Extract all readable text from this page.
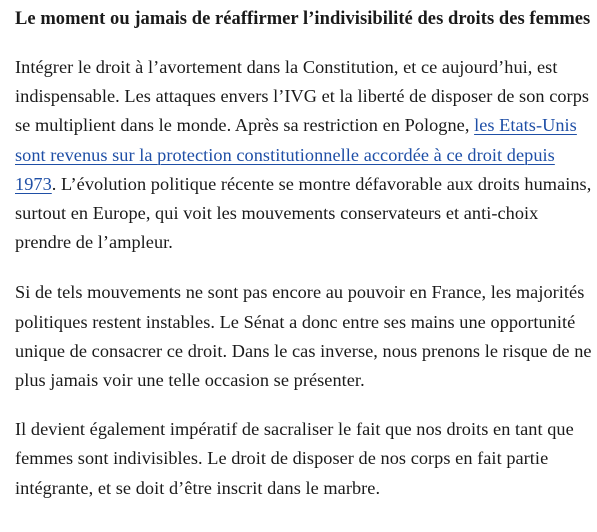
Le moment ou jamais de réaffirmer l’indivisibilité des droits des femmes

Intégrer le droit à l’avortement dans la Constitution, et ce aujourd’hui, est indispensable. Les attaques envers l’IVG et la liberté de disposer de son corps se multiplient dans le monde. Après sa restriction en Pologne, les Etats-Unis sont revenus sur la protection constitutionnelle accordée à ce droit depuis 1973. L’évolution politique récente se montre défavorable aux droits humains, surtout en Europe, qui voit les mouvements conservateurs et anti-choix prendre de l’ampleur.

Si de tels mouvements ne sont pas encore au pouvoir en France, les majorités politiques restent instables. Le Sénat a donc entre ses mains une opportunité unique de consacrer ce droit. Dans le cas inverse, nous prenons le risque de ne plus jamais voir une telle occasion se présenter.

Il devient également impératif de sacraliser le fait que nos droits en tant que femmes sont indivisibles. Le droit de disposer de nos corps en fait partie intégrante, et se doit d’être inscrit dans le marbre.
